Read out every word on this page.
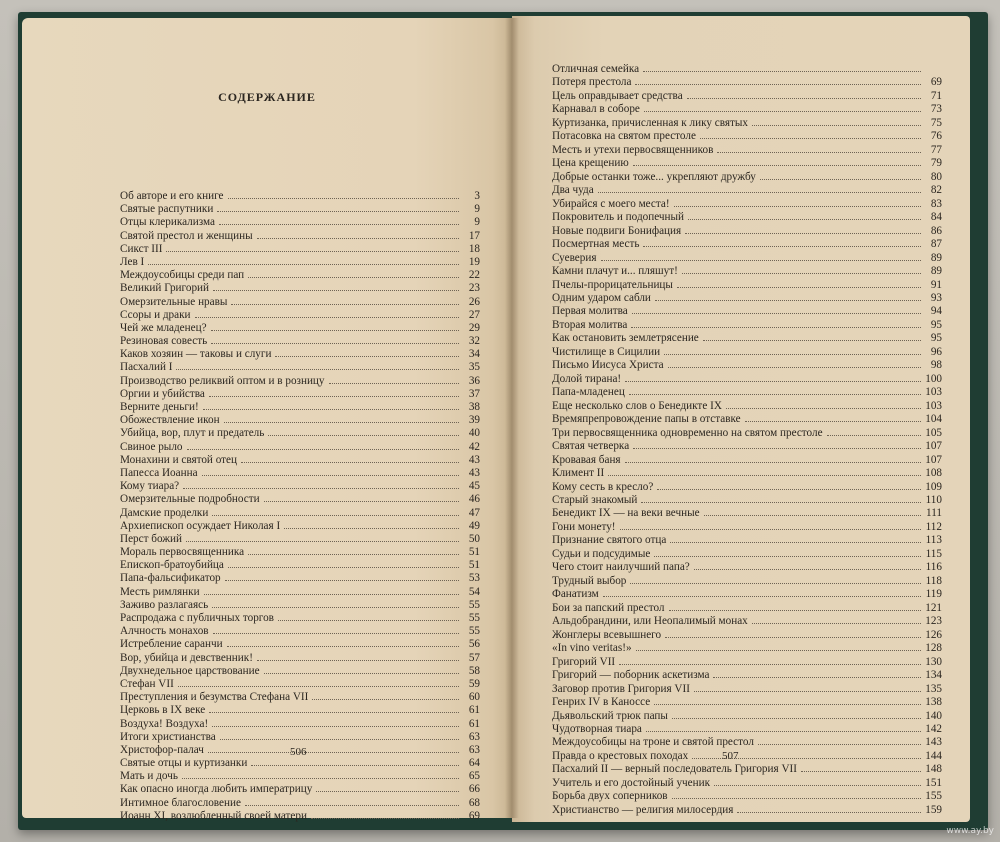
СОДЕРЖАНИЕ
Об авторе и его книге	3
Святые распутники	9
Отцы клерикализма	9
Святой престол и женщины	17
Сикст III	18
Лев I	19
Междоусобицы среди пап	22
Великий Григорий	23
Омерзительные нравы	26
Ссоры и драки	27
Чей же младенец?	29
Резиновая совесть	32
Каков хозяин — таковы и слуги	34
Пасхалий I	35
Производство реликвий оптом и в розницу	36
Оргии и убийства	37
Верните деньги!	38
Обожествление икон	39
Убийца, вор, плут и предатель	40
Свиное рыло	42
Монахини и святой отец	43
Папесса Иоанна	43
Кому тиара?	45
Омерзительные подробности	46
Дамские проделки	47
Архиепископ осуждает Николая I	49
Перст божий	50
Мораль первосвященника	51
Епископ-братоубийца	51
Папа-фальсификатор	53
Месть римлянки	54
Заживо разлагаясь	55
Распродажа с публичных торгов	55
Алчность монахов	55
Истребление саранчи	56
Вор, убийца и девственник!	57
Двухнедельное царствование	58
Стефан VII	59
Преступления и безумства Стефана VII	60
Церковь в IX веке	61
Воздуха! Воздуха!	61
Итоги христианства	63
Христофор-палач	63
Святые отцы и куртизанки	64
Мать и дочь	65
Как опасно иногда любить императрицу	66
Интимное благословение	68
Иоанн XI, возлюбленный своей матери	69
506
Отличная семейка
Потеря престола	69
Цель оправдывает средства	71
Карнавал в соборе	73
Куртизанка, причисленная к лику святых	75
Потасовка на святом престоле	76
Месть и утехи первосвященников	77
Цена крещению	79
Добрые останки тоже... укрепляют дружбу	80
Два чуда	82
Убирайся с моего места!	83
Покровитель и подопечный	84
Новые подвиги Бонифация	86
Посмертная месть	87
Суеверия	89
Камни плачут и... пляшут!	89
Пчелы-прорицательницы	91
Одним ударом сабли	93
Первая молитва	94
Вторая молитва	95
Как остановить землетрясение	95
Чистилище в Сицилии	96
Письмо Иисуса Христа	98
Долой тирана!	100
Папа-младенец	103
Еще несколько слов о Бенедикте IX	103
Времяпрепровождение папы в отставке	104
Три первосвященника одновременно на святом престоле	105
Святая четверка	107
Кровавая баня	107
Климент II	108
Кому сесть в кресло?	109
Старый знакомый	110
Бенедикт IX — на веки вечные	111
Гони монету!	112
Признание святого отца	113
Судьи и подсудимые	115
Чего стоит наилучший папа?	116
Трудный выбор	118
Фанатизм	119
Бои за папский престол	121
Альдобрандини, или Неопалимый монах	123
Жонглеры всевышнего	126
«In vino veritas!»	128
Григорий VII	130
Григорий — поборник аскетизма	134
Заговор против Григория VII	135
Генрих IV в Каноссе	138
Дьявольский трюк папы	140
Чудотворная тиара	142
Междоусобицы на троне и святой престол	143
Правда о крестовых походах	144
Пасхалий II — верный последователь Григория VII	148
Учитель и его достойный ученик	151
Борьба двух соперников	155
Христианство — религия милосердия	159
507
www.ay.by
